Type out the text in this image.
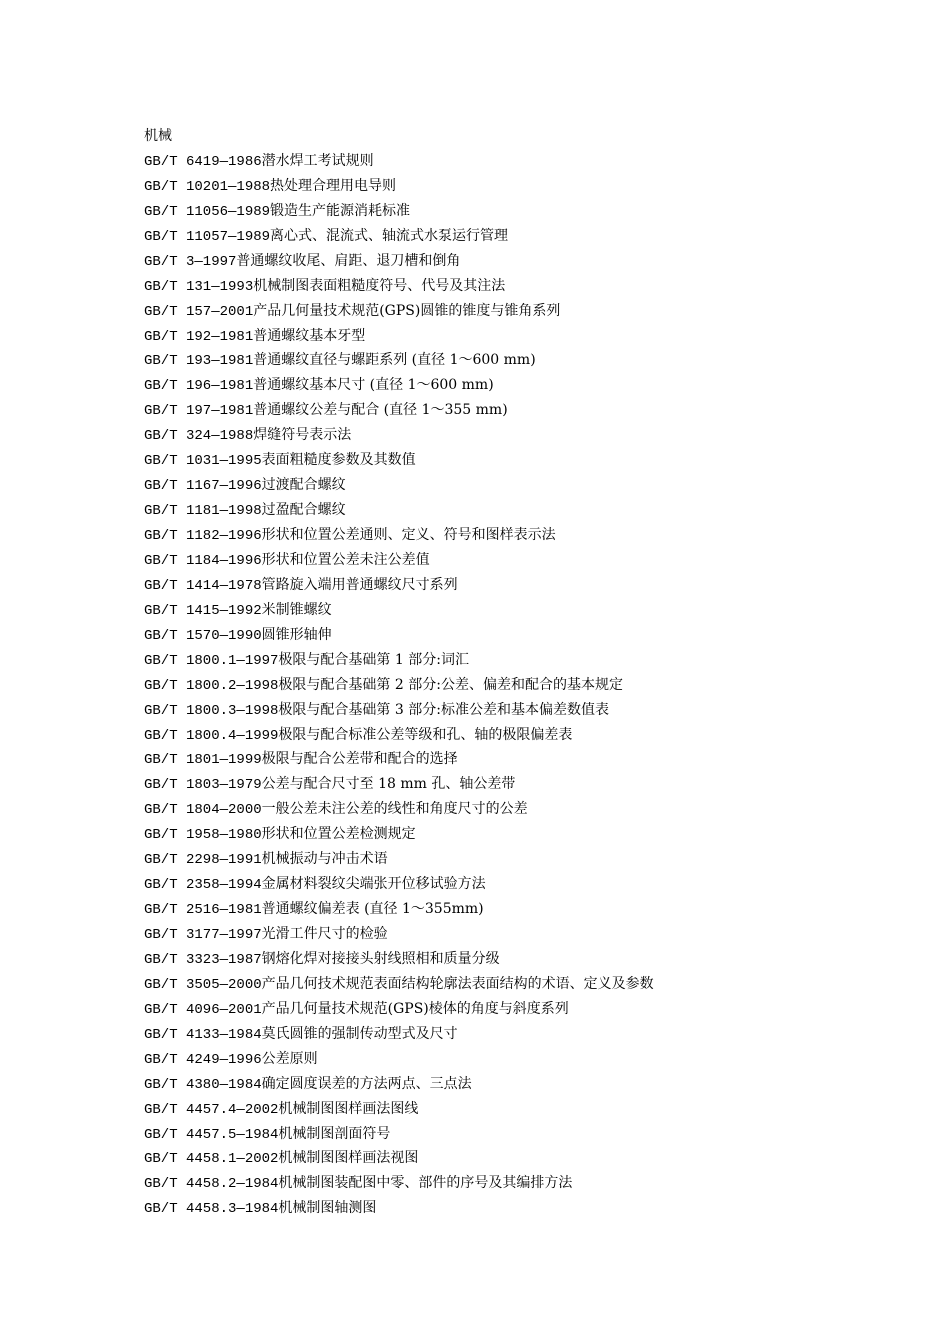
机械
GB/T 6419—1986潜水焊工考试规则
GB/T 10201—1988热处理合理用电导则
GB/T 11056—1989锻造生产能源消耗标准
GB/T 11057—1989离心式、混流式、轴流式水泵运行管理
GB/T 3—1997普通螺纹收尾、肩距、退刀槽和倒角
GB/T 131—1993机械制图表面粗糙度符号、代号及其注法
GB/T 157—2001产品几何量技术规范(GPS)圆锥的锥度与锥角系列
GB/T 192—1981普通螺纹基本牙型
GB/T 193—1981普通螺纹直径与螺距系列 (直径 1～600 mm)
GB/T 196—1981普通螺纹基本尺寸 (直径 1～600 mm)
GB/T 197—1981普通螺纹公差与配合 (直径 1～355 mm)
GB/T 324—1988焊缝符号表示法
GB/T 1031—1995表面粗糙度参数及其数值
GB/T 1167—1996过渡配合螺纹
GB/T 1181—1998过盈配合螺纹
GB/T 1182—1996形状和位置公差通则、定义、符号和图样表示法
GB/T 1184—1996形状和位置公差未注公差值
GB/T 1414—1978管路旋入端用普通螺纹尺寸系列
GB/T 1415—1992米制锥螺纹
GB/T 1570—1990圆锥形轴伸
GB/T 1800.1—1997极限与配合基础第 1 部分:词汇
GB/T 1800.2—1998极限与配合基础第 2 部分:公差、偏差和配合的基本规定
GB/T 1800.3—1998极限与配合基础第 3 部分:标准公差和基本偏差数值表
GB/T 1800.4—1999极限与配合标准公差等级和孔、轴的极限偏差表
GB/T 1801—1999极限与配合公差带和配合的选择
GB/T 1803—1979公差与配合尺寸至 18 mm 孔、轴公差带
GB/T 1804—2000一般公差未注公差的线性和角度尺寸的公差
GB/T 1958—1980形状和位置公差检测规定
GB/T 2298—1991机械振动与冲击术语
GB/T 2358—1994金属材料裂纹尖端张开位移试验方法
GB/T 2516—1981普通螺纹偏差表 (直径 1～355mm)
GB/T 3177—1997光滑工件尺寸的检验
GB/T 3323—1987钢熔化焊对接接头射线照相和质量分级
GB/T 3505—2000产品几何技术规范表面结构轮廓法表面结构的术语、定义及参数
GB/T 4096—2001产品几何量技术规范(GPS)棱体的角度与斜度系列
GB/T 4133—1984莫氏圆锥的强制传动型式及尺寸
GB/T 4249—1996公差原则
GB/T 4380—1984确定圆度误差的方法两点、三点法
GB/T 4457.4—2002机械制图图样画法图线
GB/T 4457.5—1984机械制图剖面符号
GB/T 4458.1—2002机械制图图样画法视图
GB/T 4458.2—1984机械制图装配图中零、部件的序号及其编排方法
GB/T 4458.3—1984机械制图轴测图
